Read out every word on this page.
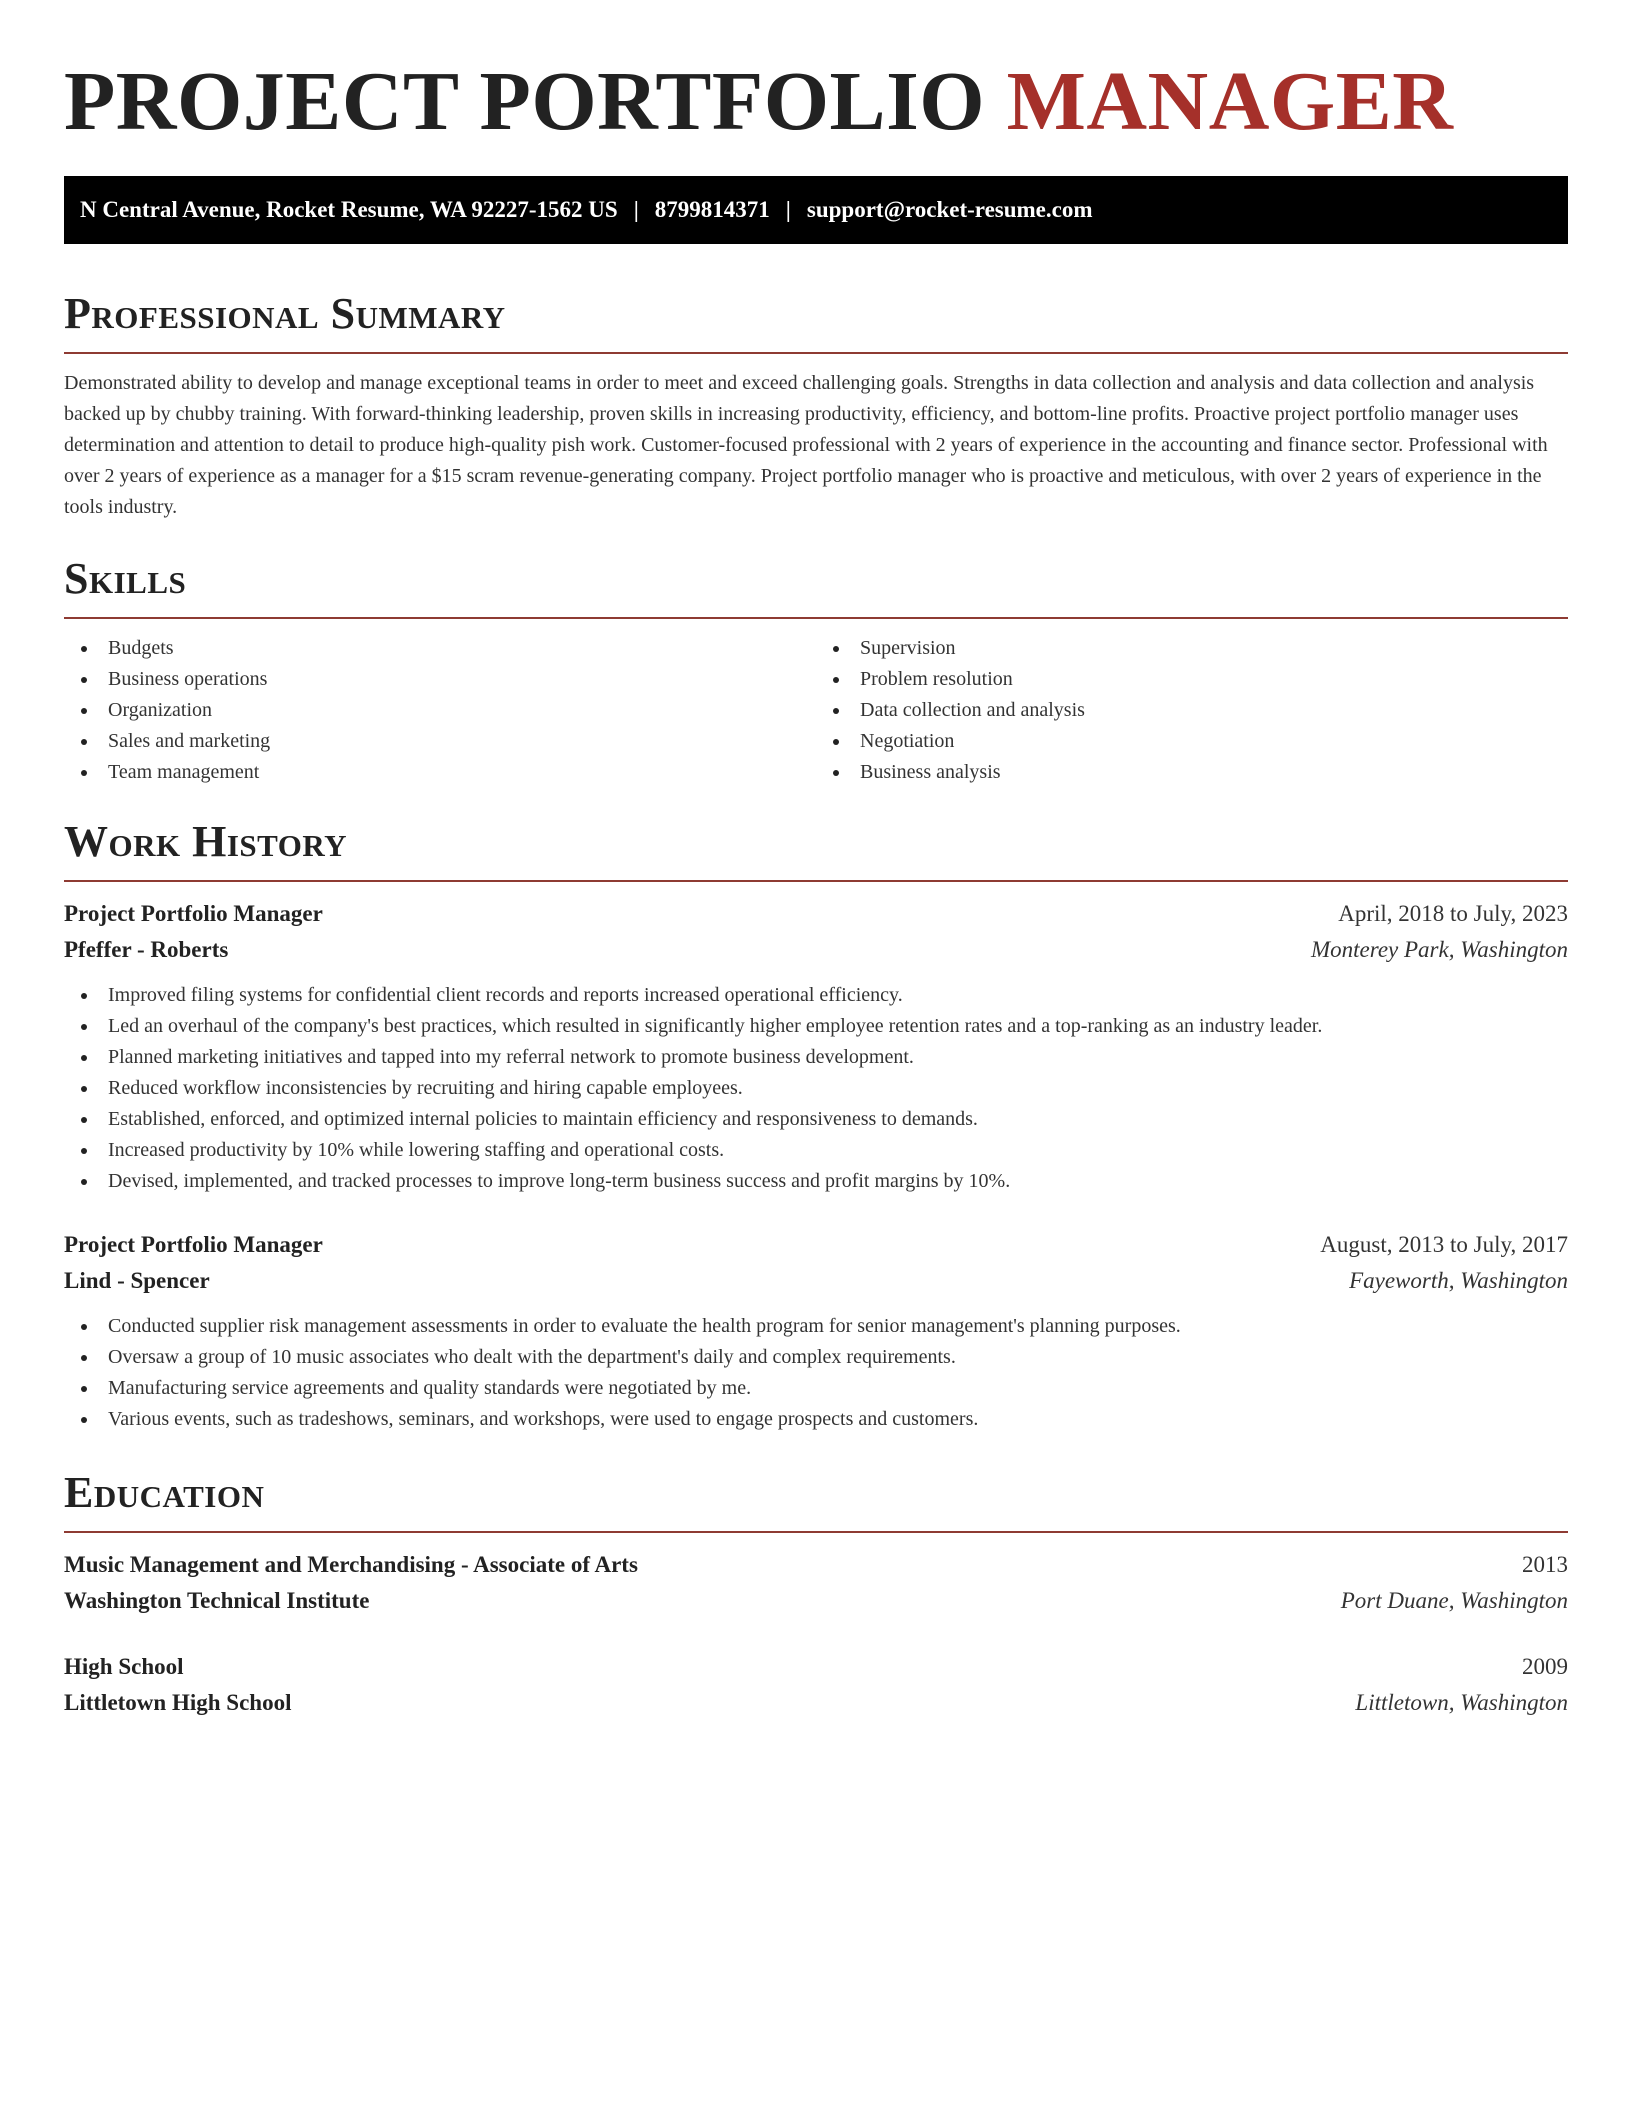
PROJECT PORTFOLIO MANAGER
N Central Avenue, Rocket Resume, WA 92227-1562 US | 8799814371 | support@rocket-resume.com
Professional Summary

Demonstrated ability to develop and manage exceptional teams in order to meet and exceed challenging goals. Strengths in data collection and analysis and data collection and analysis backed up by chubby training. With forward-thinking leadership, proven skills in increasing productivity, efficiency, and bottom-line profits. Proactive project portfolio manager uses determination and attention to detail to produce high-quality pish work. Customer-focused professional with 2 years of experience in the accounting and finance sector. Professional with over 2 years of experience as a manager for a $15 scram revenue-generating company. Project portfolio manager who is proactive and meticulous, with over 2 years of experience in the tools industry.

Skills
Budgets
Business operations
Organization
Sales and marketing
Team management
Supervision
Problem resolution
Data collection and analysis
Negotiation
Business analysis
Work History
Project Portfolio Manager	April, 2018 to July, 2023
Pfeffer - Roberts	Monterey Park, Washington
Improved filing systems for confidential client records and reports increased operational efficiency.
Led an overhaul of the company's best practices, which resulted in significantly higher employee retention rates and a top-ranking as an industry leader.
Planned marketing initiatives and tapped into my referral network to promote business development.
Reduced workflow inconsistencies by recruiting and hiring capable employees.
Established, enforced, and optimized internal policies to maintain efficiency and responsiveness to demands.
Increased productivity by 10% while lowering staffing and operational costs.
Devised, implemented, and tracked processes to improve long-term business success and profit margins by 10%.
Project Portfolio Manager	August, 2013 to July, 2017
Lind - Spencer	Fayeworth, Washington
Conducted supplier risk management assessments in order to evaluate the health program for senior management's planning purposes.
Oversaw a group of 10 music associates who dealt with the department's daily and complex requirements.
Manufacturing service agreements and quality standards were negotiated by me.
Various events, such as tradeshows, seminars, and workshops, were used to engage prospects and customers.
Education
Music Management and Merchandising - Associate of Arts	2013
Washington Technical Institute	Port Duane, Washington
High School	2009
Littletown High School	Littletown, Washington
